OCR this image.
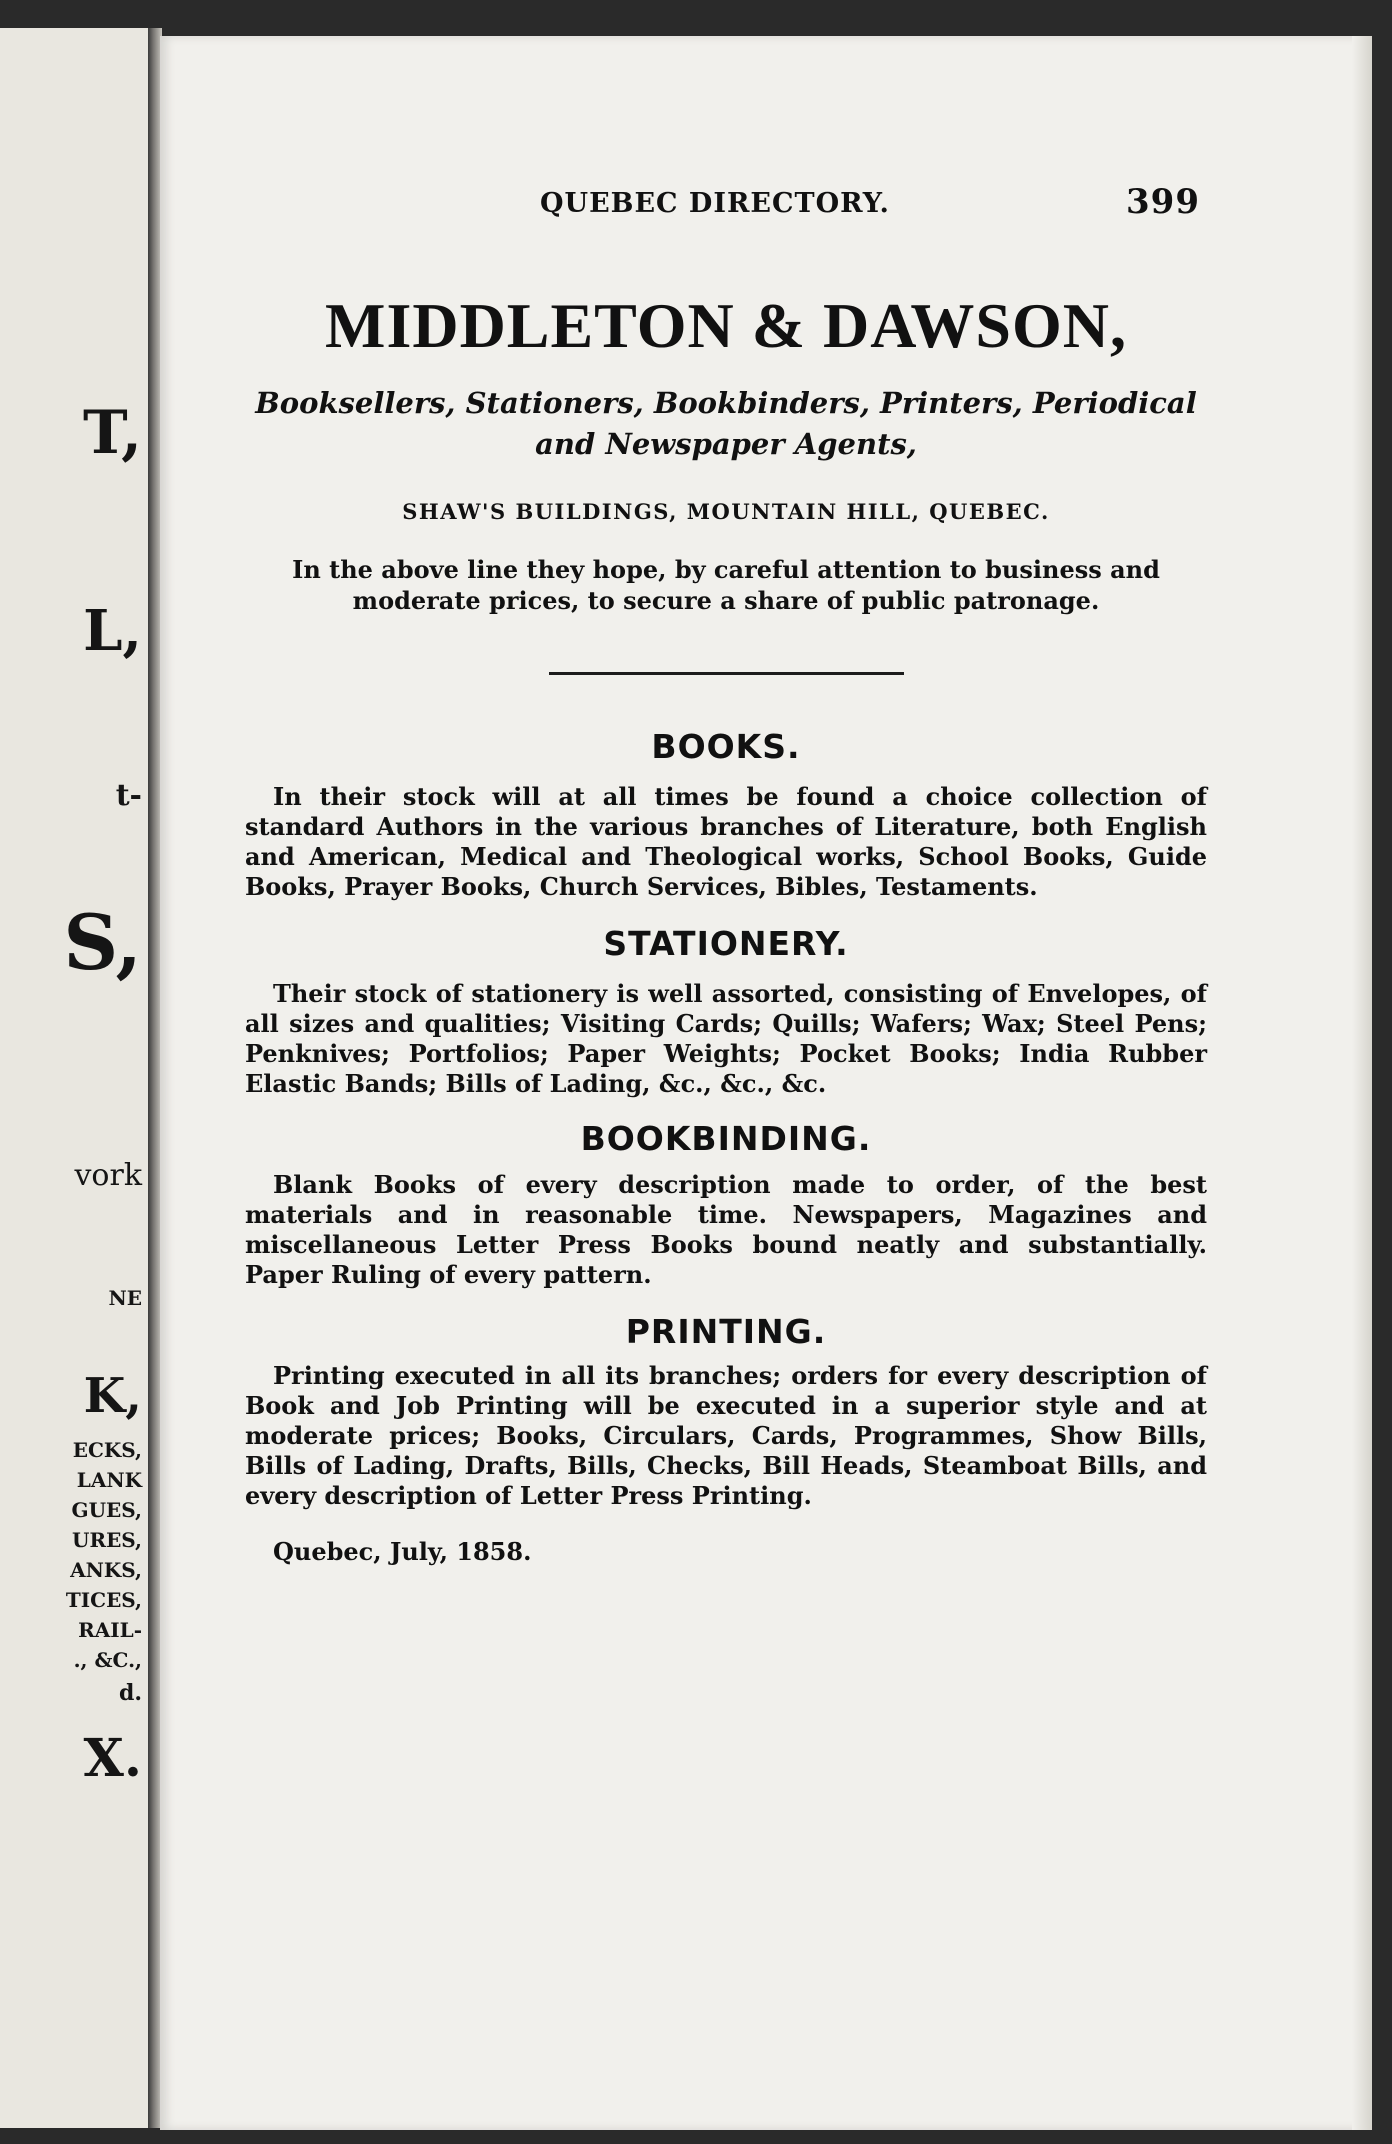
T,
L,
t-
S,
vork
NE
K,
ECKS,
LANK
GUES,
URES,
ANKS,
TICES,
RAIL-
., &C.,
d.
X.
QUEBEC DIRECTORY.	399
MIDDLETON & DAWSON,
Booksellers, Stationers, Bookbinders, Printers, Periodical and Newspaper Agents,
SHAW'S BUILDINGS, MOUNTAIN HILL, QUEBEC.
In the above line they hope, by careful attention to business and moderate prices, to secure a share of public patronage.
BOOKS.

In their stock will at all times be found a choice collection of standard Authors in the various branches of Literature, both English and American, Medical and Theological works, School Books, Guide Books, Prayer Books, Church Services, Bibles, Testaments.

STATIONERY.

Their stock of stationery is well assorted, consisting of Envelopes, of all sizes and qualities; Visiting Cards; Quills; Wafers; Wax; Steel Pens; Penknives; Portfolios; Paper Weights; Pocket Books; India Rubber Elastic Bands; Bills of Lading, &c., &c., &c.

BOOKBINDING.

Blank Books of every description made to order, of the best materials and in reasonable time. Newspapers, Magazines and miscellaneous Letter Press Books bound neatly and substantially. Paper Ruling of every pattern.

PRINTING.

Printing executed in all its branches; orders for every description of Book and Job Printing will be executed in a superior style and at moderate prices; Books, Circulars, Cards, Programmes, Show Bills, Bills of Lading, Drafts, Bills, Checks, Bill Heads, Steamboat Bills, and every description of Letter Press Printing.

Quebec, July, 1858.
